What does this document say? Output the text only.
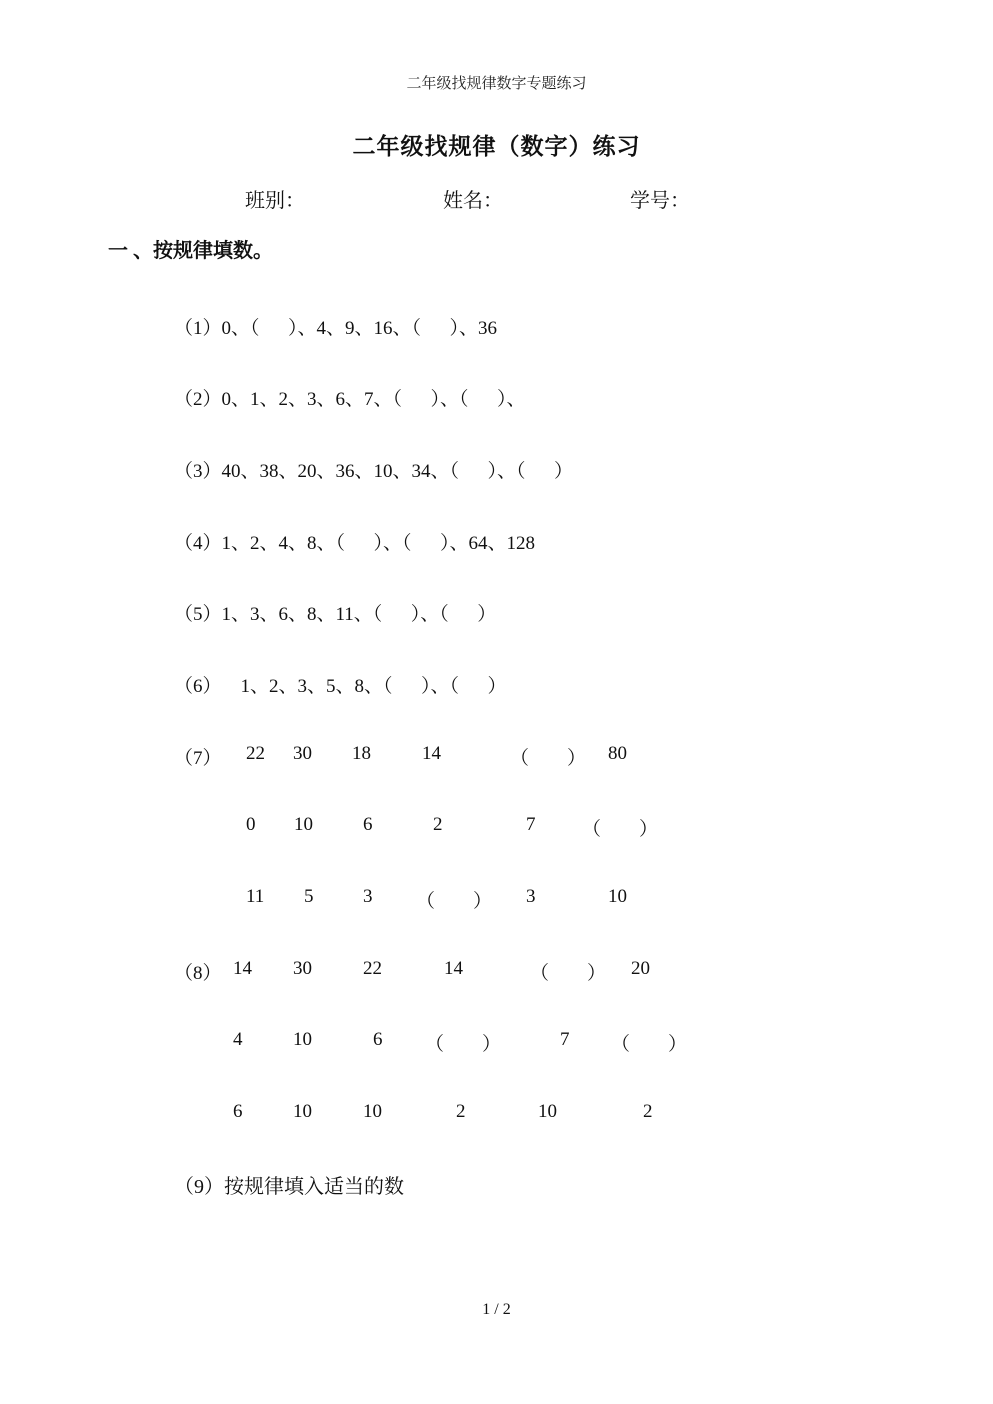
二年级找规律数字专题练习
二年级找规律（数字）练习
班别：	姓名：	学号：
一 、按规律填数。
（1）0、（      ）、4、9、16、（      ）、36
（2）0、1、2、3、6、7、（      ）、（      ）、
（3）40、38、20、36、10、34、（      ）、（      ）
（4）1、2、4、8、（      ）、（      ）、64、128
（5）1、3、6、8、11、（      ）、（      ）
（6）    1、2、3、5、8、（      ）、（      ）
（7） 22 30 18	14	（　　） 80
0 10	6	2	7 （　　）
11 5	3 （　　） 3	10
（8） 14 30	22	14	（　　） 20
4	10	6 （　　）	7 （　　）
6	10	10	2	10	2
（9）按规律填入适当的数
1 / 2
